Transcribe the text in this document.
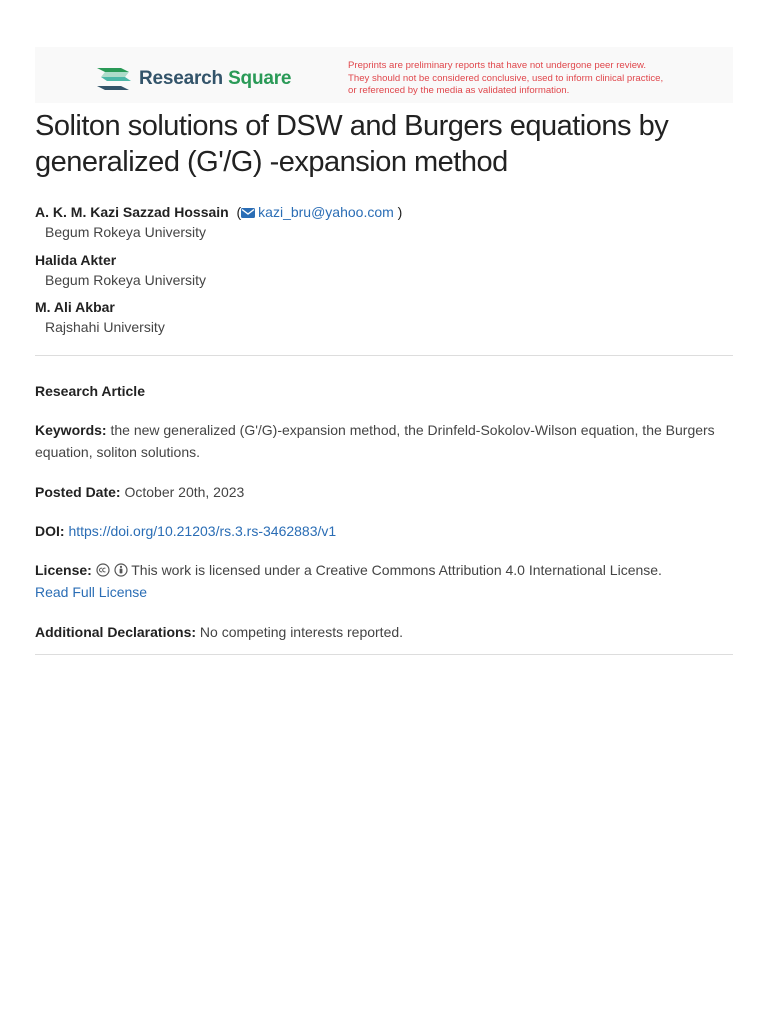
Research Square
Preprints are preliminary reports that have not undergone peer review.
They should not be considered conclusive, used to inform clinical practice,
or referenced by the media as validated information.
Soliton solutions of DSW and Burgers equations by generalized (G'/G) -expansion method
A. K. M. Kazi Sazzad Hossain ( kazi_bru@yahoo.com )
Begum Rokeya University
Halida Akter
Begum Rokeya University
M. Ali Akbar
Rajshahi University
Research Article
Keywords: the new generalized (G'/G)-expansion method, the Drinfeld-Sokolov-Wilson equation, the Burgers equation, soliton solutions.
Posted Date: October 20th, 2023
DOI: https://doi.org/10.21203/rs.3.rs-3462883/v1
License:	This work is licensed under a Creative Commons Attribution 4.0 International License.
Read Full License
Additional Declarations: No competing interests reported.
